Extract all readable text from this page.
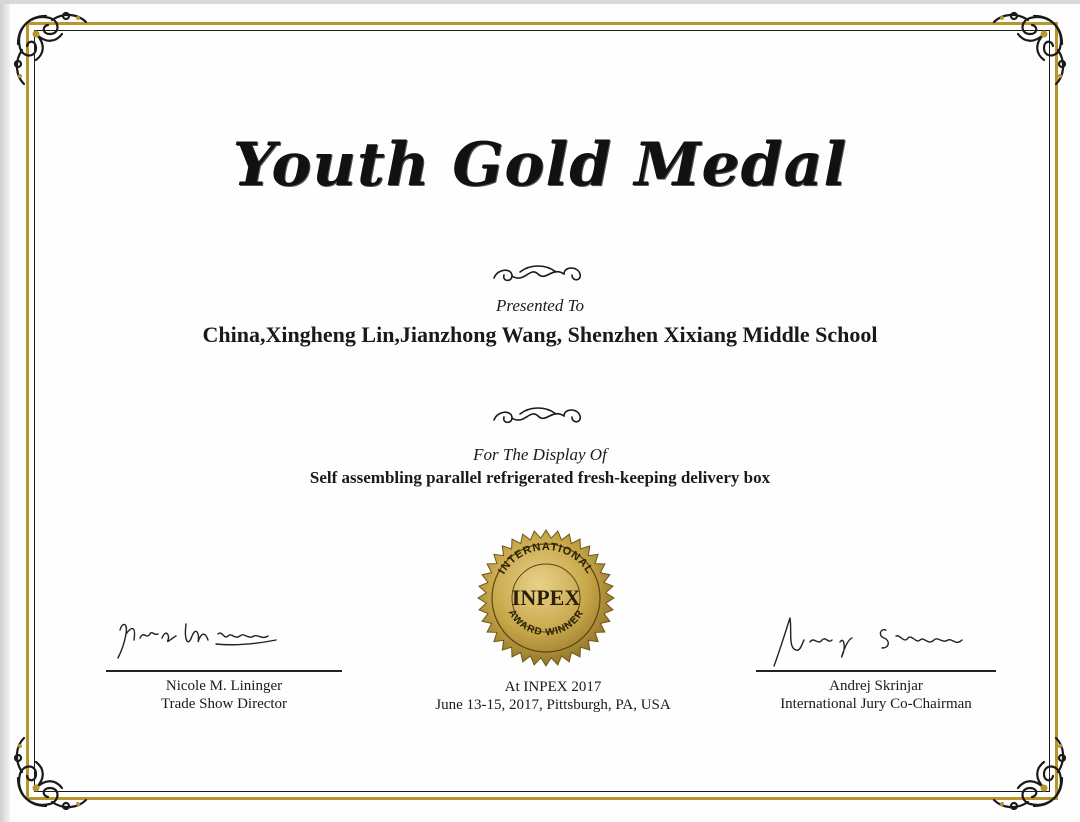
Youth Gold Medal
Presented To
China,Xingheng Lin,Jianzhong Wang, Shenzhen Xixiang Middle School
For The Display Of
Self assembling parallel refrigerated fresh-keeping delivery box
INTERNATIONAL
INPEX
AWARD WINNER
Nicole M. Lininger
Trade Show Director
Andrej Skrinjar
International Jury Co-Chairman
At INPEX 2017
June 13-15, 2017, Pittsburgh, PA, USA
